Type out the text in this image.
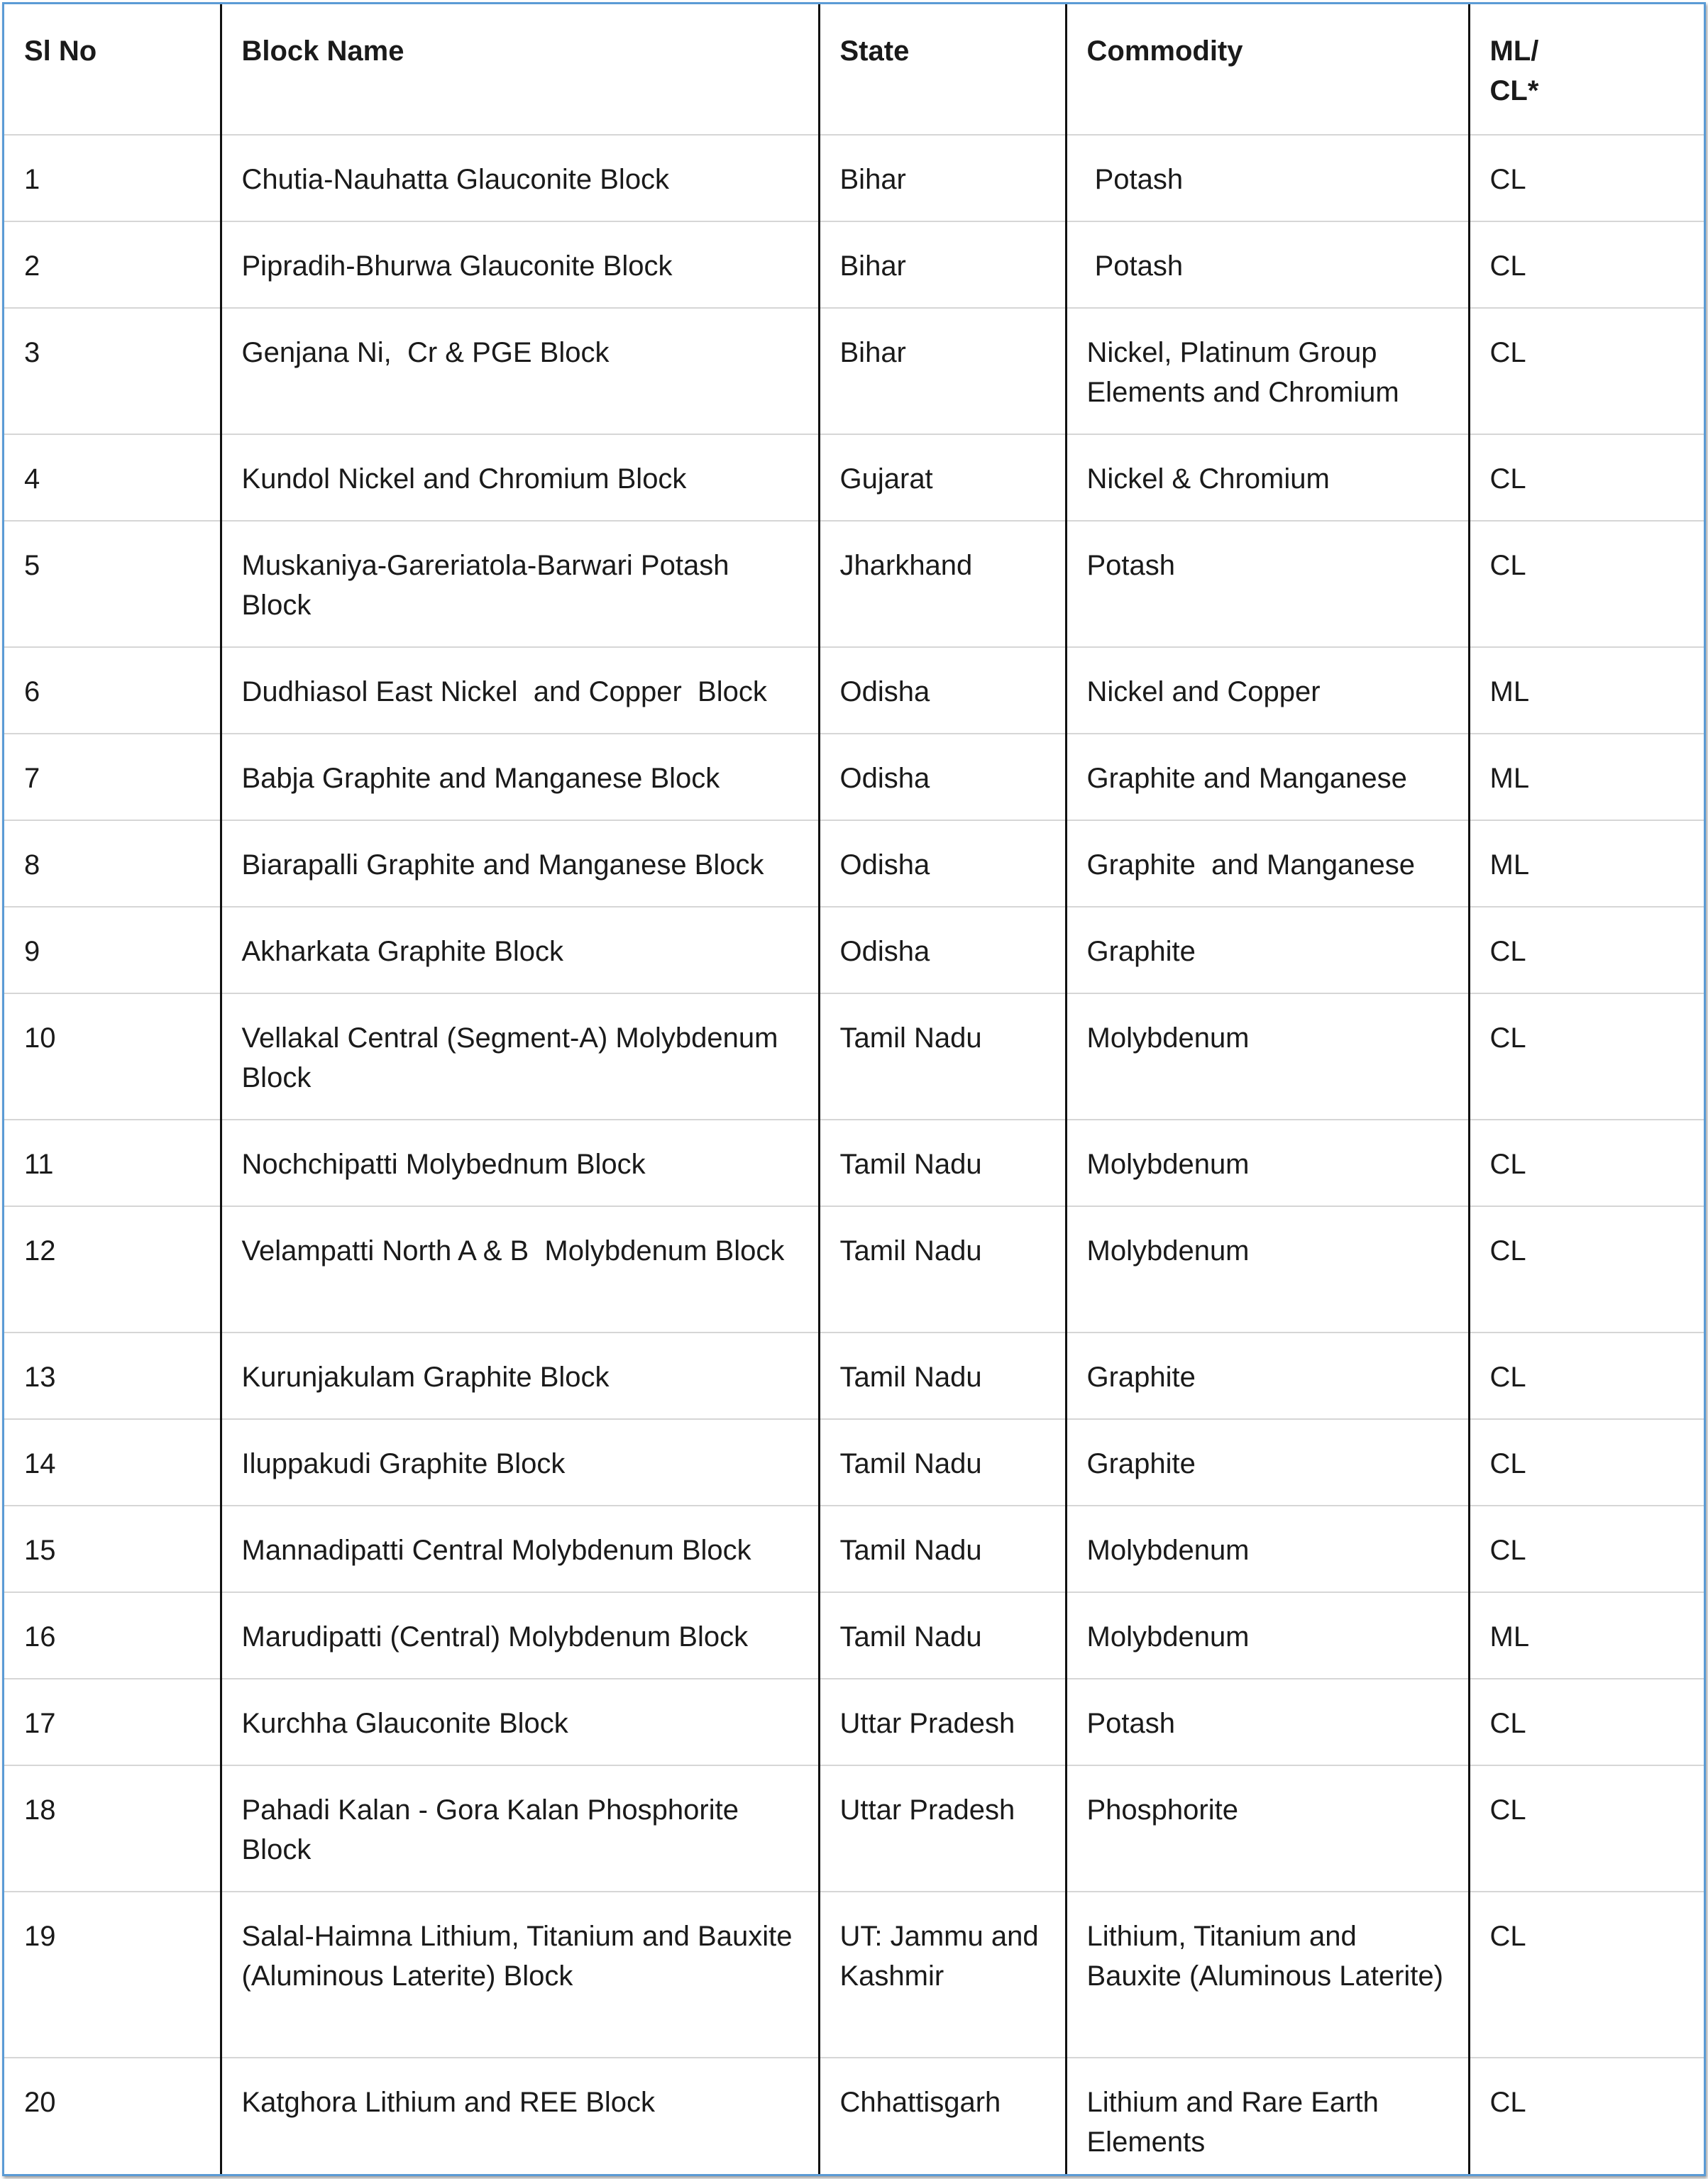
Sl No	Block Name	State	Commodity	ML/
CL*

1	Chutia-Nauhatta Glauconite Block	Bihar	Potash	CL

2	Pipradih-Bhurwa Glauconite Block	Bihar	Potash	CL

3	Genjana Ni,  Cr & PGE Block	Bihar	Nickel, Platinum Group Elements and Chromium	CL

4	Kundol Nickel and Chromium Block	Gujarat	Nickel & Chromium	CL

5	Muskaniya-Gareriatola-Barwari Potash Block	Jharkhand	Potash	CL

6	Dudhiasol East Nickel  and Copper  Block	Odisha	Nickel and Copper	ML

7	Babja Graphite and Manganese Block	Odisha	Graphite and Manganese	ML

8	Biarapalli Graphite and Manganese Block	Odisha	Graphite  and Manganese	ML

9	Akharkata Graphite Block	Odisha	Graphite	CL

10	Vellakal Central (Segment-A) Molybdenum Block	Tamil Nadu	Molybdenum	CL

11	Nochchipatti Molybednum Block	Tamil Nadu	Molybdenum	CL

12	Velampatti North A & B  Molybdenum Block	Tamil Nadu	Molybdenum	CL

13	Kurunjakulam Graphite Block	Tamil Nadu	Graphite	CL

14	Iluppakudi Graphite Block	Tamil Nadu	Graphite	CL

15	Mannadipatti Central Molybdenum Block	Tamil Nadu	Molybdenum	CL

16	Marudipatti (Central) Molybdenum Block	Tamil Nadu	Molybdenum	ML

17	Kurchha Glauconite Block	Uttar Pradesh	Potash	CL

18	Pahadi Kalan - Gora Kalan Phosphorite Block	Uttar Pradesh	Phosphorite	CL

19	Salal-Haimna Lithium, Titanium and Bauxite (Aluminous Laterite) Block	UT: Jammu and Kashmir	Lithium, Titanium and Bauxite (Aluminous Laterite)	CL

20	Katghora Lithium and REE Block	Chhattisgarh	Lithium and Rare Earth Elements	CL
